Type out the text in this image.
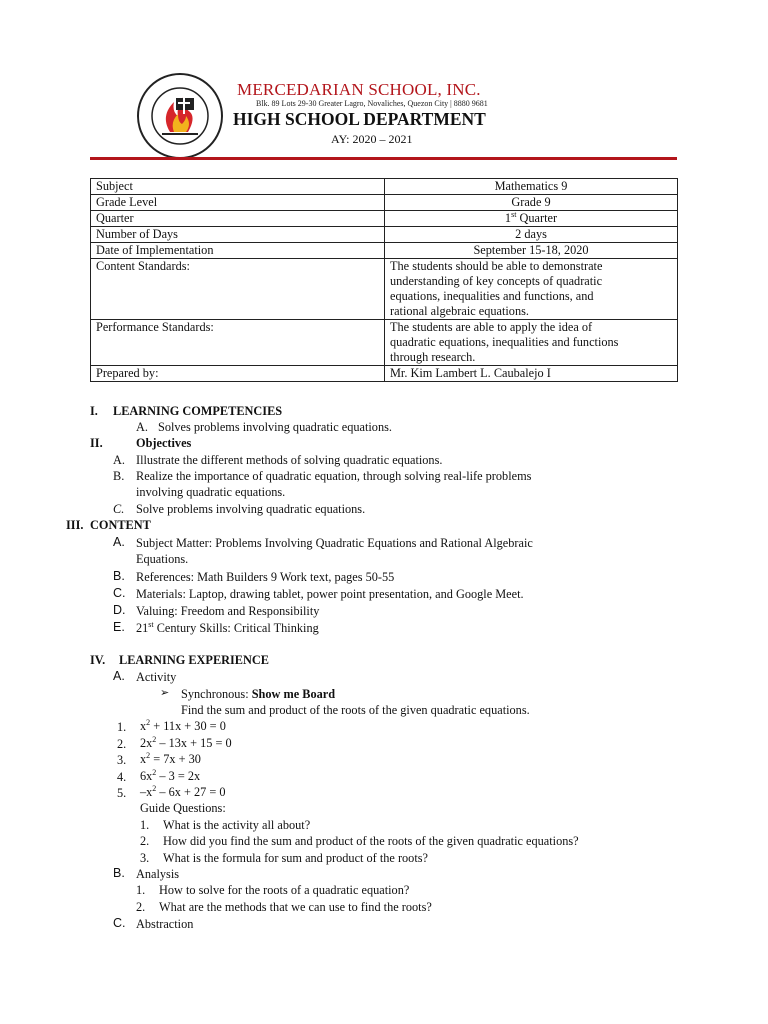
MERCEDARIAN SCHOOL, INC.
Blk. 89 Lots 29-30 Greater Lagro, Novaliches, Quezon City | 8880 9681
HIGH SCHOOL DEPARTMENT
AY: 2020 – 2021
Subject	Mathematics 9
Grade Level	Grade 9
Quarter	1st Quarter
Number of Days	2 days
Date of Implementation	September 15-18, 2020
Content Standards:	The students should be able to demonstrate
understanding of key concepts of quadratic
equations, inequalities and functions, and
rational algebraic equations.

Performance Standards:	The students are able to apply the idea of
quadratic equations, inequalities and functions
through research.

Prepared by:	Mr. Kim Lambert L. Caubalejo I
I. LEARNING COMPETENCIES
A. Solves problems involving quadratic equations.
II.	Objectives
A. Illustrate the different methods of solving quadratic equations.
B. Realize the importance of quadratic equation, through solving real-life problems
involving quadratic equations.
C. Solve problems involving quadratic equations.
III. CONTENT
A. Subject Matter: Problems Involving Quadratic Equations and Rational Algebraic
Equations.
B. References: Math Builders 9 Work text, pages 50-55
C. Materials: Laptop, drawing tablet, power point presentation, and Google Meet.
D. Valuing: Freedom and Responsibility
E. 21st Century Skills: Critical Thinking
IV. LEARNING EXPERIENCE
A. Activity
➢ Synchronous: Show me Board
Find the sum and product of the roots of the given quadratic equations.
1. $x^2 + 11x + 30 = 0$
2. $2x^2 - 13x + 15 = 0$
3. $x^2 = 7x + 30$
4. $6x^2 - 3 = 2x$
5. $-x^2 - 6x + 27 = 0$
Guide Questions:
1. What is the activity all about?
2. How did you find the sum and product of the roots of the given quadratic equations?
3. What is the formula for sum and product of the roots?
B. Analysis
1. How to solve for the roots of a quadratic equation?
2. What are the methods that we can use to find the roots?
C. Abstraction
